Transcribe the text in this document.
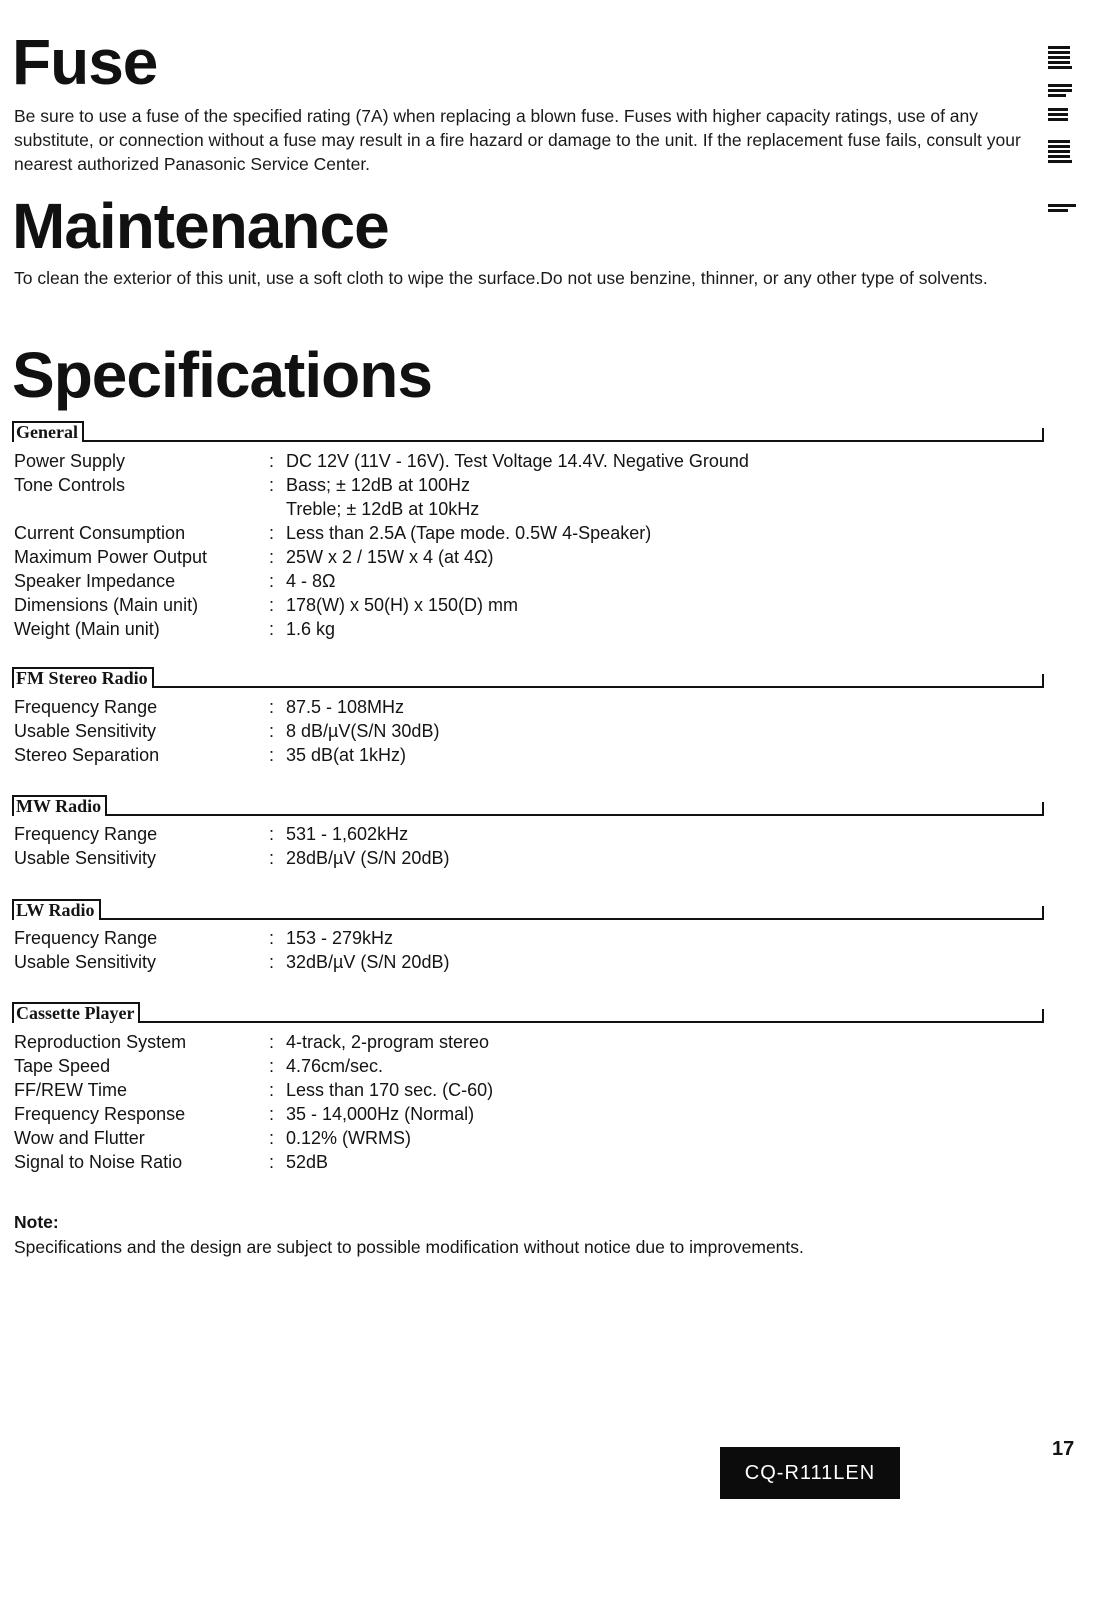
Fuse

Be sure to use a fuse of the specified rating (7A) when replacing a blown fuse. Fuses with higher capacity ratings, use of any substitute, or connection without a fuse may result in a fire hazard or damage to the unit. If the replacement fuse fails, consult your nearest authorized Panasonic Service Center.

Maintenance

To clean the exterior of this unit, use a soft cloth to wipe the surface.Do not use benzine, thinner, or any other type of solvents.

Specifications
General
Power Supply	: DC 12V (11V - 16V). Test Voltage 14.4V. Negative Ground
Tone Controls	: Bass; ± 12dB at 100Hz
Treble; ± 12dB at 10kHz
Current Consumption	: Less than 2.5A (Tape mode. 0.5W 4-Speaker)
Maximum Power Output	: 25W x 2 / 15W x 4 (at 4Ω)
Speaker Impedance	: 4 - 8Ω
Dimensions (Main unit)	: 178(W) x 50(H) x 150(D) mm
Weight (Main unit)	: 1.6 kg
FM Stereo Radio
Frequency Range	: 87.5 - 108MHz
Usable Sensitivity	: 8 dB/µV(S/N 30dB)
Stereo Separation	: 35 dB(at 1kHz)
MW Radio
Frequency Range	: 531 - 1,602kHz
Usable Sensitivity	: 28dB/µV (S/N 20dB)
LW Radio
Frequency Range	: 153 - 279kHz
Usable Sensitivity	: 32dB/µV (S/N 20dB)
Cassette Player
Reproduction System	: 4-track, 2-program stereo
Tape Speed	: 4.76cm/sec.
FF/REW Time	: Less than 170 sec. (C-60)
Frequency Response	: 35 - 14,000Hz (Normal)
Wow and Flutter	: 0.12% (WRMS)
Signal to Noise Ratio	: 52dB
Note:
Specifications and the design are subject to possible modification without notice due to improvements.
CQ-R111LEN
17
